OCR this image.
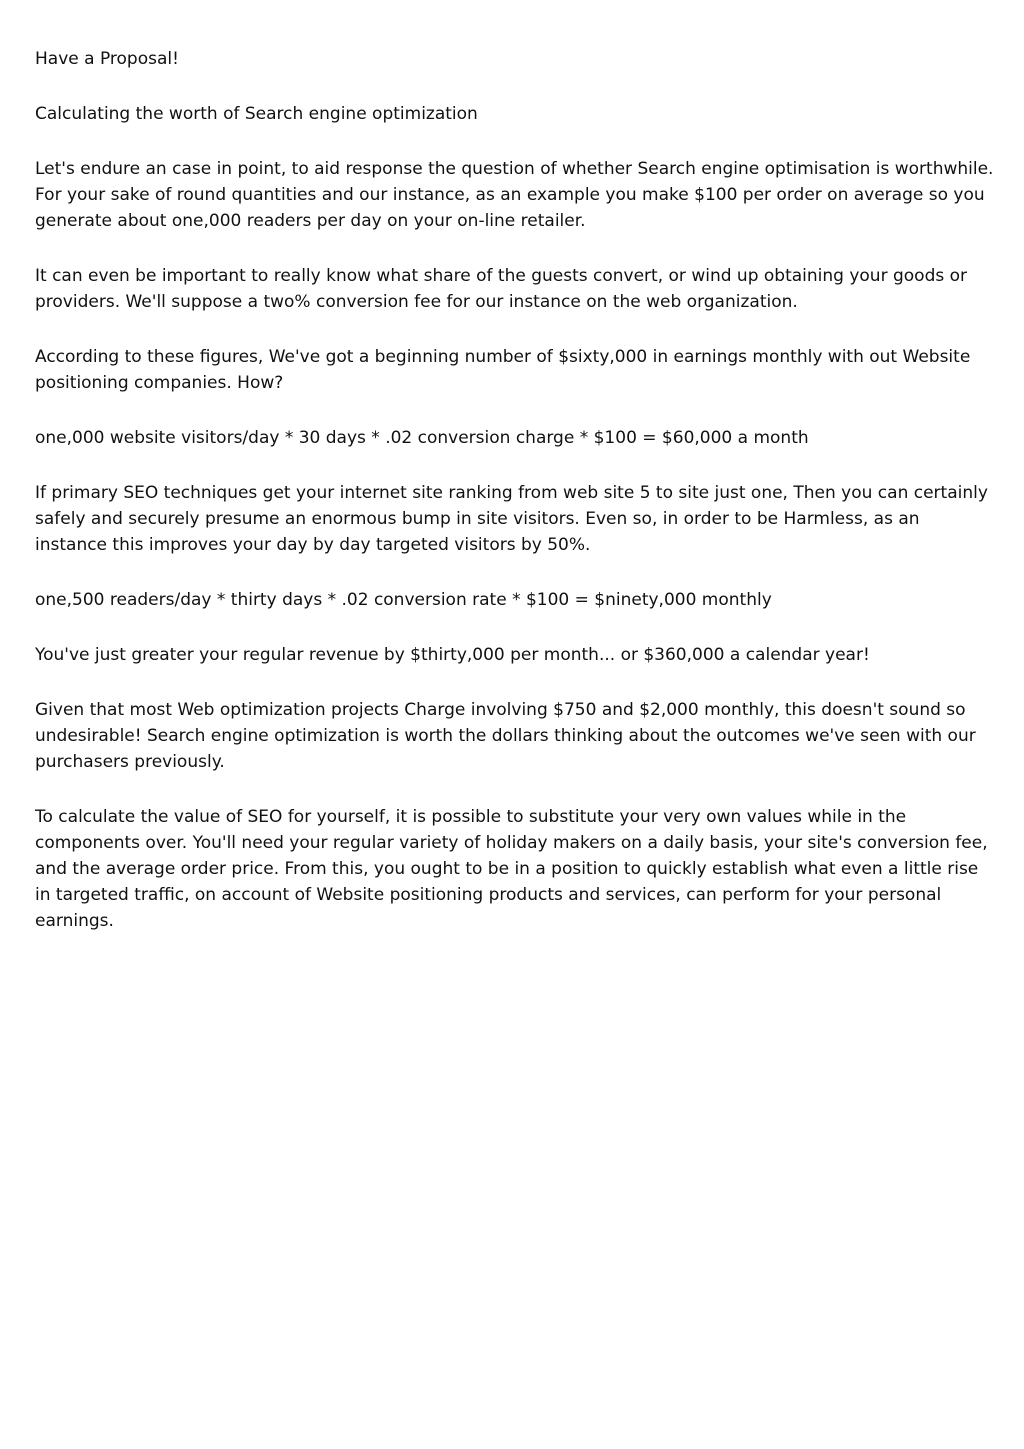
Have a Proposal!

Calculating the worth of Search engine optimization

Let's endure an case in point, to aid response the question of whether Search engine optimisation is worthwhile. For your sake of round quantities and our instance, as an example you make $100 per order on average so you generate about one,000 readers per day on your on-line retailer.

It can even be important to really know what share of the guests convert, or wind up obtaining your goods or providers. We'll suppose a two% conversion fee for our instance on the web organization.

According to these figures, We've got a beginning number of $sixty,000 in earnings monthly with out Website positioning companies. How?

one,000 website visitors/day * 30 days * .02 conversion charge * $100 = $60,000 a month

If primary SEO techniques get your internet site ranking from web site 5 to site just one, Then you can certainly safely and securely presume an enormous bump in site visitors. Even so, in order to be Harmless, as an instance this improves your day by day targeted visitors by 50%.

one,500 readers/day * thirty days * .02 conversion rate * $100 = $ninety,000 monthly

You've just greater your regular revenue by $thirty,000 per month... or $360,000 a calendar year!

Given that most Web optimization projects Charge involving $750 and $2,000 monthly, this doesn't sound so undesirable! Search engine optimization is worth the dollars thinking about the outcomes we've seen with our purchasers previously.

To calculate the value of SEO for yourself, it is possible to substitute your very own values while in the components over. You'll need your regular variety of holiday makers on a daily basis, your site's conversion fee, and the average order price. From this, you ought to be in a position to quickly establish what even a little rise in targeted traffic, on account of Website positioning products and services, can perform for your personal earnings.
